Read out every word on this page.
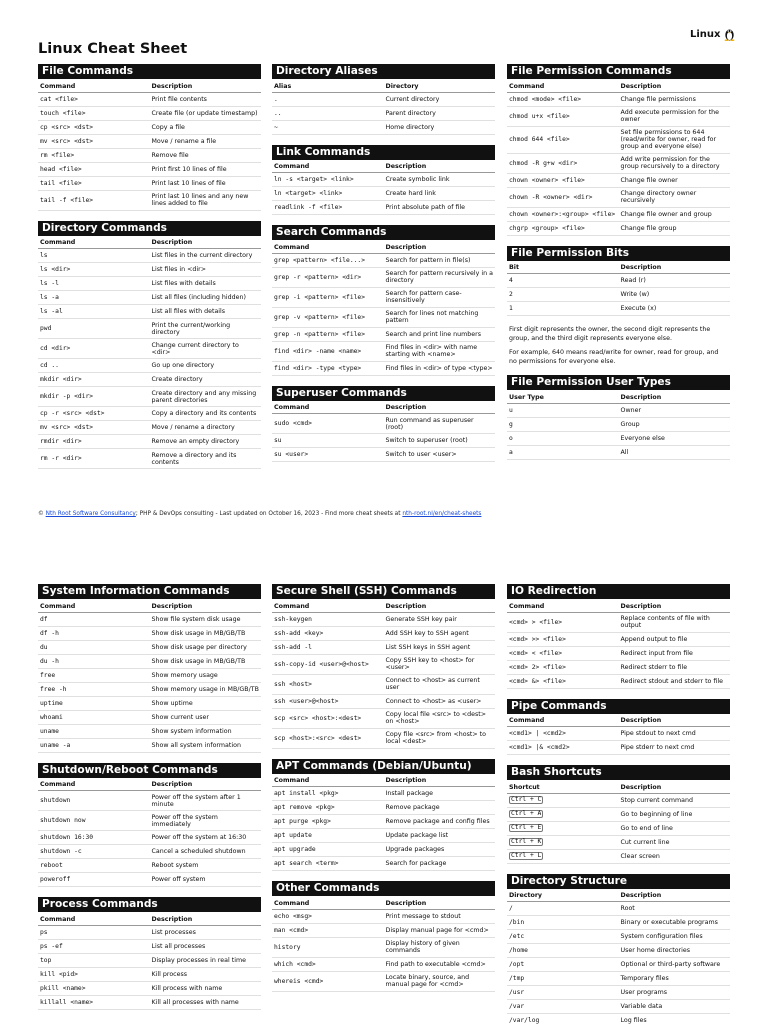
Linux Cheat Sheet
Linux
File Commands
Command	Description
cat <file>	Print file contents
touch <file>	Create file (or update timestamp)
cp <src> <dst>	Copy a file
mv <src> <dst>	Move / rename a file
rm <file>	Remove file
head <file>	Print first 10 lines of file
tail <file>	Print last 10 lines of file
tail -f <file>	Print last 10 lines and any new lines added to file
Directory Commands
Command	Description
ls	List files in the current directory
ls <dir>	List files in <dir>
ls -l	List files with details
ls -a	List all files (including hidden)
ls -al	List all files with details
pwd	Print the current/working directory
cd <dir>	Change current directory to <dir>
cd ..	Go up one directory
mkdir <dir>	Create directory
mkdir -p <dir>	Create directory and any missing parent directories
cp -r <src> <dst>	Copy a directory and its contents
mv <src> <dst>	Move / rename a directory
rmdir <dir>	Remove an empty directory
rm -r <dir>	Remove a directory and its contents
Directory Aliases
Alias	Directory
.	Current directory
..	Parent directory
~	Home directory
Link Commands
Command	Description
ln -s <target> <link>	Create symbolic link
ln <target> <link>	Create hard link
readlink -f <file>	Print absolute path of file
Search Commands
Command	Description
grep <pattern> <file...>	Search for pattern in file(s)
grep -r <pattern> <dir>	Search for pattern recursively in a directory
grep -i <pattern> <file>	Search for pattern case-insensitively
grep -v <pattern> <file>	Search for lines not matching pattern
grep -n <pattern> <file>	Search and print line numbers
find <dir> -name <name>	Find files in <dir> with name starting with <name>
find <dir> -type <type>	Find files in <dir> of type <type>
Superuser Commands
Command	Description
sudo <cmd>	Run command as superuser (root)
su	Switch to superuser (root)
su <user>	Switch to user <user>
File Permission Commands
Command	Description
chmod <mode> <file>	Change file permissions
chmod u+x <file>	Add execute permission for the owner
chmod 644 <file>	Set file permissions to 644 (read/write for owner, read for group and everyone else)
chmod -R g+w <dir>	Add write permission for the group recursively to a directory
chown <owner> <file>	Change file owner
chown -R <owner> <dir>	Change directory owner recursively
chown <owner>:<group> <file>	Change file owner and group
chgrp <group> <file>	Change file group
File Permission Bits
Bit	Description
4	Read (r)
2	Write (w)
1	Execute (x)

First digit represents the owner, the second digit represents the group, and the third digit represents everyone else.

For example, 640 means read/write for owner, read for group, and no permissions for everyone else.

File Permission User Types
User Type	Description
u	Owner
g	Group
o	Everyone else
a	All
© Nth Root Software Consultancy; PHP & DevOps consulting - Last updated on October 16, 2023 - Find more cheat sheets at nth-root.nl/en/cheat-sheets
System Information Commands
Command	Description
df	Show file system disk usage
df -h	Show disk usage in MB/GB/TB
du	Show disk usage per directory
du -h	Show disk usage in MB/GB/TB
free	Show memory usage
free -h	Show memory usage in MB/GB/TB
uptime	Show uptime
whoami	Show current user
uname	Show system information
uname -a	Show all system information
Shutdown/Reboot Commands
Command	Description
shutdown	Power off the system after 1 minute
shutdown now	Power off the system immediately
shutdown 16:30	Power off the system at 16:30
shutdown -c	Cancel a scheduled shutdown
reboot	Reboot system
poweroff	Power off system
Process Commands
Command	Description
ps	List processes
ps -ef	List all processes
top	Display processes in real time
kill <pid>	Kill process
pkill <name>	Kill process with name
killall <name>	Kill all processes with name
Secure Shell (SSH) Commands
Command	Description
ssh-keygen	Generate SSH key pair
ssh-add <key>	Add SSH key to SSH agent
ssh-add -l	List SSH keys in SSH agent
ssh-copy-id <user>@<host>	Copy SSH key to <host> for <user>
ssh <host>	Connect to <host> as current user
ssh <user>@<host>	Connect to <host> as <user>
scp <src> <host>:<dest>	Copy local file <src> to <dest> on <host>
scp <host>:<src> <dest>	Copy file <src> from <host> to local <dest>
APT Commands (Debian/Ubuntu)
Command	Description
apt install <pkg>	Install package
apt remove <pkg>	Remove package
apt purge <pkg>	Remove package and config files
apt update	Update package list
apt upgrade	Upgrade packages
apt search <term>	Search for package
Other Commands
Command	Description
echo <msg>	Print message to stdout
man <cmd>	Display manual page for <cmd>
history	Display history of given commands
which <cmd>	Find path to executable <cmd>
whereis <cmd>	Locate binary, source, and manual page for <cmd>
IO Redirection
Command	Description
<cmd> > <file>	Replace contents of file with output
<cmd> >> <file>	Append output to file
<cmd> < <file>	Redirect input from file
<cmd> 2> <file>	Redirect stderr to file
<cmd> &> <file>	Redirect stdout and stderr to file
Pipe Commands
Command	Description
<cmd1> | <cmd2>	Pipe stdout to next cmd
<cmd1> |& <cmd2>	Pipe stderr to next cmd
Bash Shortcuts
Shortcut	Description
Ctrl + C	Stop current command
Ctrl + A	Go to beginning of line
Ctrl + E	Go to end of line
Ctrl + K	Cut current line
Ctrl + L	Clear screen
Directory Structure
Directory	Description
/	Root
/bin	Binary or executable programs
/etc	System configuration files
/home	User home directories
/opt	Optional or third-party software
/tmp	Temporary files
/usr	User programs
/var	Variable data
/var/log	Log files
